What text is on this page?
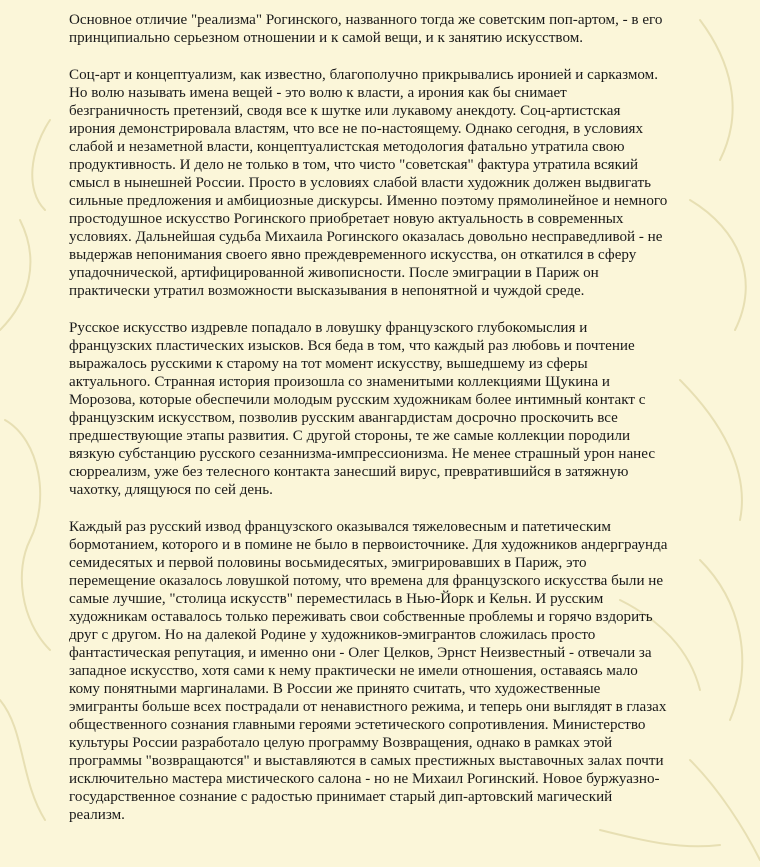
Основное отличие "реализма" Рогинского, названного тогда же советским поп-артом, - в его принципиально серьезном отношении и к самой вещи, и к занятию искусством.

Соц-арт и концептуализм, как известно, благополучно прикрывались иронией и сарказмом. Но волю называть имена вещей - это волю к власти, а ирония как бы снимает безграничность претензий, сводя все к шутке или лукавому анекдоту. Соц-артистская ирония демонстрировала властям, что все не по-настоящему. Однако сегодня, в условиях слабой и незаметной власти, концептуалистская методология фатально утратила свою продуктивность. И дело не только в том, что чисто "советская" фактура утратила всякий смысл в нынешней России. Просто в условиях слабой власти художник должен выдвигать сильные предложения и амбициозные дискурсы. Именно поэтому прямолинейное и немного простодушное искусство Рогинского приобретает новую актуальность в современных условиях. Дальнейшая судьба Михаила Рогинского оказалась довольно несправедливой - не выдержав непонимания своего явно преждевременного искусства, он откатился в сферу упадочнической, артифицированной живописности. После эмиграции в Париж он практически утратил возможности высказывания в непонятной и чуждой среде.

Русское искусство издревле попадало в ловушку французского глубокомыслия и французских пластических изысков. Вся беда в том, что каждый раз любовь и почтение выражалось русскими к старому на тот момент искусству, вышедшему из сферы актуального. Странная история произошла со знаменитыми коллекциями Щукина и Морозова, которые обеспечили молодым русским художникам более интимный контакт с французским искусством, позволив русским авангардистам досрочно проскочить все предшествующие этапы развития. С другой стороны, те же самые коллекции породили вязкую субстанцию русского сезаннизма-импрессионизма. Не менее страшный урон нанес сюрреализм, уже без телесного контакта занесший вирус, превратившийся в затяжную чахотку, длящуюся по сей день.

Каждый раз русский извод французского оказывался тяжеловесным и патетическим бормотанием, которого и в помине не было в первоисточнике. Для художников андерграунда семидесятых и первой половины восьмидесятых, эмигрировавших в Париж, это перемещение оказалось ловушкой потому, что времена для французского искусства были не самые лучшие, "столица искусств" переместилась в Нью-Йорк и Кельн. И русским художникам оставалось только переживать свои собственные проблемы и горячо вздорить друг с другом. Но на далекой Родине у художников-эмигрантов сложилась просто фантастическая репутация, и именно они - Олег Целков, Эрнст Неизвестный - отвечали за западное искусство, хотя сами к нему практически не имели отношения, оставаясь мало кому понятными маргиналами. В России же принято считать, что художественные эмигранты больше всех пострадали от ненавистного режима, и теперь они выглядят в глазах общественного сознания главными героями эстетического сопротивления. Министерство культуры России разработало целую программу Возвращения, однако в рамках этой программы "возвращаются" и выставляются в самых престижных выставочных залах почти исключительно мастера мистического салона - но не Михаил Рогинский. Новое буржуазно-государственное сознание с радостью принимает старый дип-артовский магический реализм.
